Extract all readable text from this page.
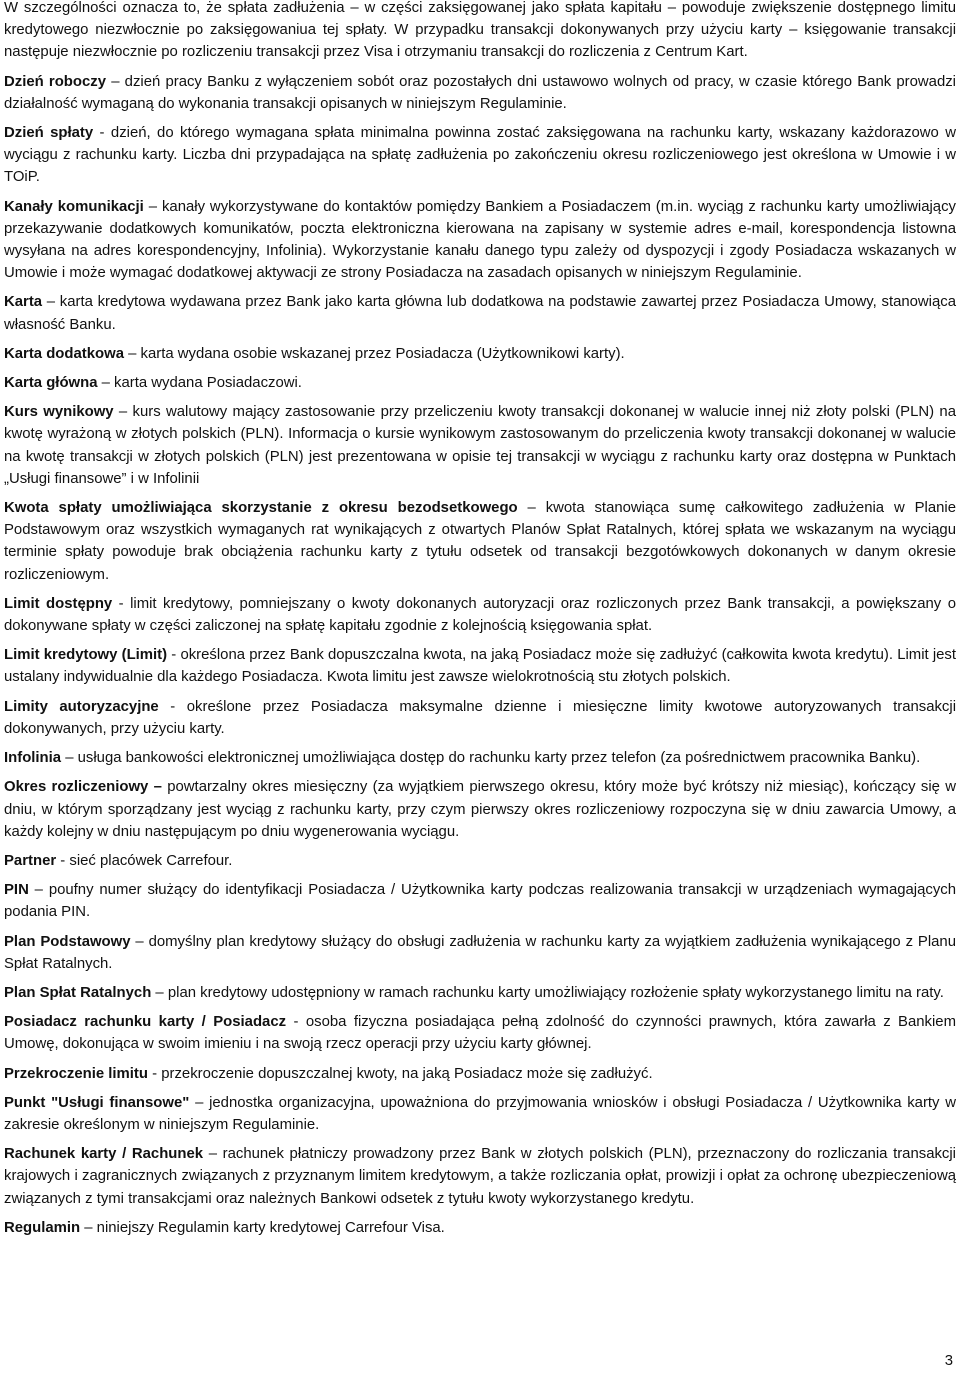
W szczególności oznacza to, że spłata zadłużenia – w części zaksięgowanej jako spłata kapitału – powoduje zwiększenie dostępnego limitu kredytowego niezwłocznie po zaksięgowaniua tej spłaty. W przypadku transakcji dokonywanych przy użyciu karty – księgowanie transakcji następuje niezwłocznie po rozliczeniu transakcji przez Visa i otrzymaniu transakcji do rozliczenia z Centrum Kart.

Dzień roboczy – dzień pracy Banku z wyłączeniem sobót oraz pozostałych dni ustawowo wolnych od pracy, w czasie którego Bank prowadzi działalność wymaganą do wykonania transakcji opisanych w niniejszym Regulaminie.

Dzień spłaty - dzień, do którego wymagana spłata minimalna powinna zostać zaksięgowana na rachunku karty, wskazany każdorazowo w wyciągu z rachunku karty. Liczba dni przypadająca na spłatę zadłużenia po zakończeniu okresu rozliczeniowego jest określona w Umowie i w TOiP.

Kanały komunikacji – kanały wykorzystywane do kontaktów pomiędzy Bankiem a Posiadaczem (m.in. wyciąg z rachunku karty umożliwiający przekazywanie dodatkowych komunikatów, poczta elektroniczna kierowana na zapisany w systemie adres e-mail, korespondencja listowna wysyłana na adres korespondencyjny, Infolinia). Wykorzystanie kanału danego typu zależy od dyspozycji i zgody Posiadacza wskazanych w Umowie i może wymagać dodatkowej aktywacji ze strony Posiadacza na zasadach opisanych w niniejszym Regulaminie.

Karta – karta kredytowa wydawana przez Bank jako karta główna lub dodatkowa na podstawie zawartej przez Posiadacza Umowy, stanowiąca własność Banku.

Karta dodatkowa – karta wydana osobie wskazanej przez Posiadacza (Użytkownikowi karty).

Karta główna – karta wydana Posiadaczowi.

Kurs wynikowy – kurs walutowy mający zastosowanie przy przeliczeniu kwoty transakcji dokonanej w walucie innej niż złoty polski (PLN) na kwotę wyrażoną w złotych polskich (PLN). Informacja o kursie wynikowym zastosowanym do przeliczenia kwoty transakcji dokonanej w walucie na kwotę transakcji w złotych polskich (PLN) jest prezentowana w opisie tej transakcji w wyciągu z rachunku karty oraz dostępna w Punktach „Usługi finansowe” i w Infolinii

Kwota spłaty umożliwiająca skorzystanie z okresu bezodsetkowego – kwota stanowiąca sumę całkowitego zadłużenia w Planie Podstawowym oraz wszystkich wymaganych rat wynikających z otwartych Planów Spłat Ratalnych, której spłata we wskazanym na wyciągu terminie spłaty powoduje brak obciążenia rachunku karty z tytułu odsetek od transakcji bezgotówkowych dokonanych w danym okresie rozliczeniowym.

Limit dostępny - limit kredytowy, pomniejszany o kwoty dokonanych autoryzacji oraz rozliczonych przez Bank transakcji, a powiększany o dokonywane spłaty w części zaliczonej na spłatę kapitału zgodnie z kolejnością księgowania spłat.

Limit kredytowy (Limit) - określona przez Bank dopuszczalna kwota, na jaką Posiadacz może się zadłużyć (całkowita kwota kredytu). Limit jest ustalany indywidualnie dla każdego Posiadacza. Kwota limitu jest zawsze wielokrotnością stu złotych polskich.

Limity autoryzacyjne - określone przez Posiadacza maksymalne dzienne i miesięczne limity kwotowe autoryzowanych transakcji dokonywanych, przy użyciu karty.

Infolinia – usługa bankowości elektronicznej umożliwiająca dostęp do rachunku karty przez telefon (za pośrednictwem pracownika Banku).

Okres rozliczeniowy – powtarzalny okres miesięczny (za wyjątkiem pierwszego okresu, który może być krótszy niż miesiąc), kończący się w dniu, w którym sporządzany jest wyciąg z rachunku karty, przy czym pierwszy okres rozliczeniowy rozpoczyna się w dniu zawarcia Umowy, a każdy kolejny w dniu następującym po dniu wygenerowania wyciągu.

Partner - sieć placówek Carrefour.

PIN – poufny numer służący do identyfikacji Posiadacza / Użytkownika karty podczas realizowania transakcji w urządzeniach wymagających podania PIN.

Plan Podstawowy – domyślny plan kredytowy służący do obsługi zadłużenia w rachunku karty za wyjątkiem zadłużenia wynikającego z Planu Spłat Ratalnych.

Plan Spłat Ratalnych – plan kredytowy udostępniony w ramach rachunku karty umożliwiający rozłożenie spłaty wykorzystanego limitu na raty.

Posiadacz rachunku karty / Posiadacz - osoba fizyczna posiadająca pełną zdolność do czynności prawnych, która zawarła z Bankiem Umowę, dokonująca w swoim imieniu i na swoją rzecz operacji przy użyciu karty głównej.

Przekroczenie limitu - przekroczenie dopuszczalnej kwoty, na jaką Posiadacz może się zadłużyć.

Punkt "Usługi finansowe" – jednostka organizacyjna, upoważniona do przyjmowania wniosków i obsługi Posiadacza / Użytkownika karty w zakresie określonym w niniejszym Regulaminie.

Rachunek karty / Rachunek – rachunek płatniczy prowadzony przez Bank w złotych polskich (PLN), przeznaczony do rozliczania transakcji krajowych i zagranicznych związanych z przyznanym limitem kredytowym, a także rozliczania opłat, prowizji i opłat za ochronę ubezpieczeniową związanych z tymi transakcjami oraz należnych Bankowi odsetek z tytułu kwoty wykorzystanego kredytu.

Regulamin – niniejszy Regulamin karty kredytowej Carrefour Visa.

3
